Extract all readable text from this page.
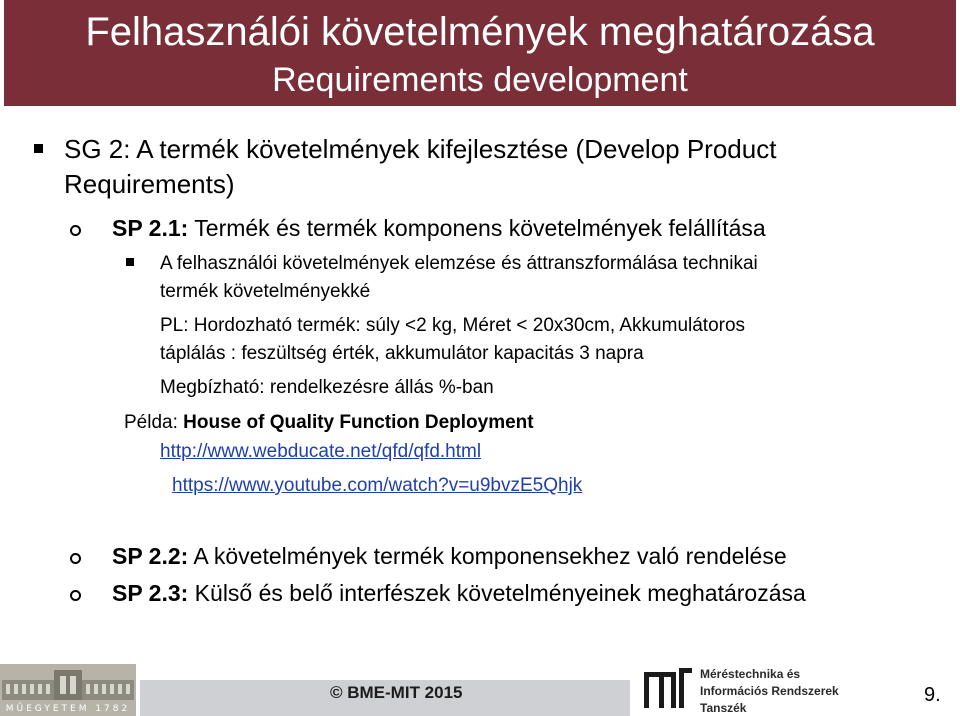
Felhasználói követelmények meghatározása
Requirements development
SG 2: A termék követelmények kifejlesztése (Develop Product
Requirements)
SP 2.1: Termék és termék komponens követelmények felállítása
A felhasználói követelmények elemzése és áttranszformálása technikai
termék követelményekké
PL: Hordozható termék: súly <2 kg, Méret < 20x30cm, Akkumulátoros
táplálás : feszültség érték, akkumulátor kapacitás 3 napra
Megbízható: rendelkezésre állás %-ban
Példa: House of Quality Function Deployment
http://www.webducate.net/qfd/qfd.html
https://www.youtube.com/watch?v=u9bvzE5Qhjk
SP 2.2: A követelmények termék komponensekhez való rendelése
SP 2.3: Külső és belő interfészek követelményeinek meghatározása
MŰEGYETEM 1782
© BME-MIT 2015
Méréstechnika és
Információs Rendszerek
Tanszék
9.
